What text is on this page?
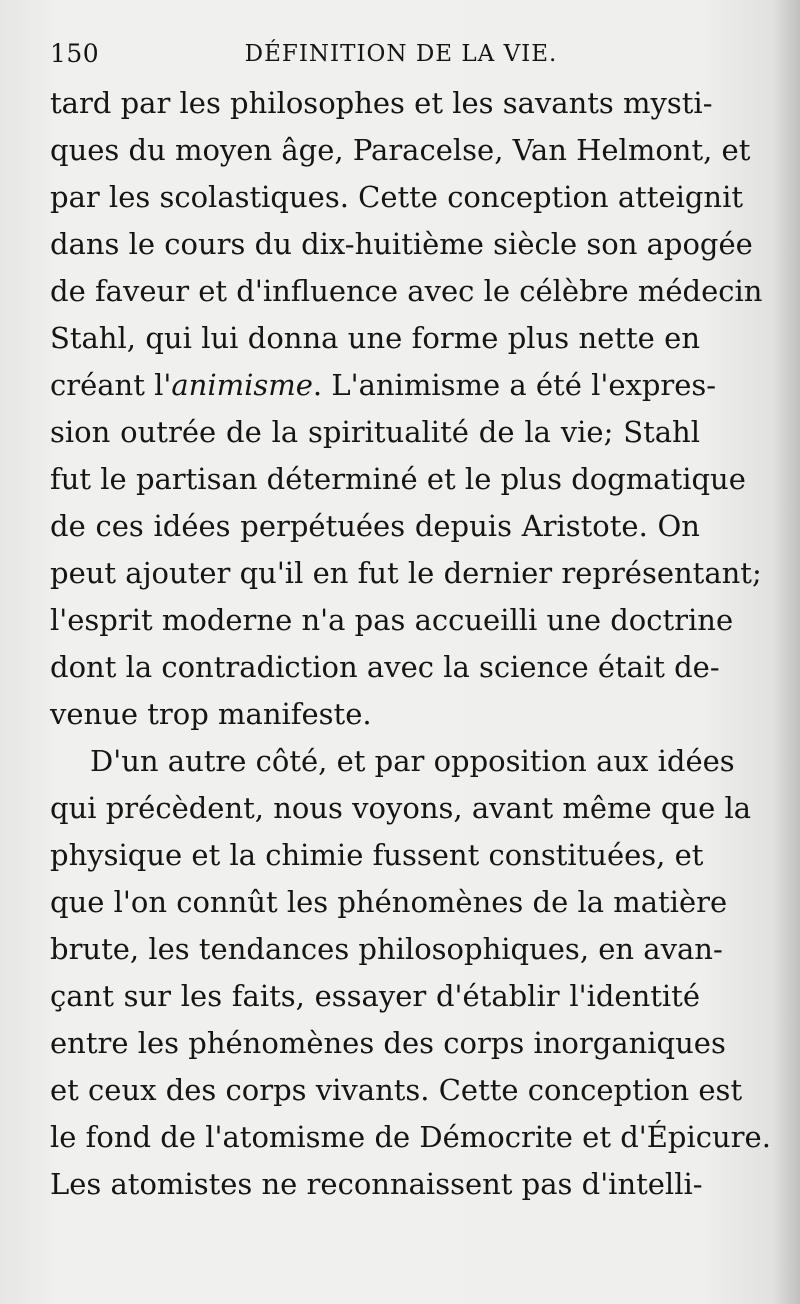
150	DÉFINITION DE LA VIE.
tard par les philosophes et les savants mysti-
ques du moyen âge, Paracelse, Van Helmont, et
par les scolastiques. Cette conception atteignit
dans le cours du dix-huitième siècle son apogée
de faveur et d'influence avec le célèbre médecin
Stahl, qui lui donna une forme plus nette en
créant l'animisme. L'animisme a été l'expres-
sion outrée de la spiritualité de la vie; Stahl
fut le partisan déterminé et le plus dogmatique
de ces idées perpétuées depuis Aristote. On
peut ajouter qu'il en fut le dernier représentant;
l'esprit moderne n'a pas accueilli une doctrine
dont la contradiction avec la science était de-
venue trop manifeste.
D'un autre côté, et par opposition aux idées
qui précèdent, nous voyons, avant même que la
physique et la chimie fussent constituées, et
que l'on connût les phénomènes de la matière
brute, les tendances philosophiques, en avan-
çant sur les faits, essayer d'établir l'identité
entre les phénomènes des corps inorganiques
et ceux des corps vivants. Cette conception est
le fond de l'atomisme de Démocrite et d'Épicure.
Les atomistes ne reconnaissent pas d'intelli-
